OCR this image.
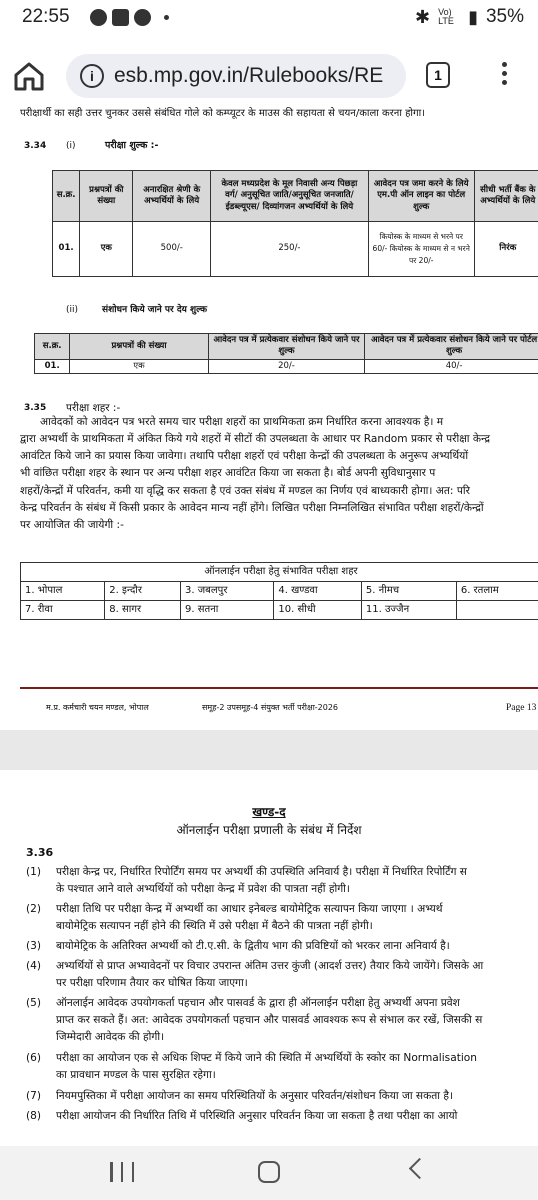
22:55	✱ Vo) LTE ▮ 35%
i esb.mp.gov.in/Rulebooks/RE	1
परीक्षार्थी का सही उत्तर चुनकर उससे संबंधित गोले को कम्प्यूटर के माउस की सहायता से चयन/काला करना होगा।
3.34 (i)	परीक्षा शुल्क :-
स.क्र.	प्रश्नपत्रों की संख्या	अनारक्षित श्रेणी के अभ्यर्थियों के लिये	केवल मध्यप्रदेश के मूल निवासी अन्य पिछड़ा वर्ग/ अनुसूचित जाति/अनुसूचित जनजाति/ईडब्ल्यूएस/ दिव्यांगजन अभ्यर्थियों के लिये	आवेदन पत्र जमा करने के लिये एम.पी ऑन लाइन का पोर्टल शुल्क	सीधी भर्ती बैंक के अभ्यर्थियों के लिये
01.	एक	500/-	250/-	कियोस्क के माध्यम से भरने पर 60/- कियोस्क के माध्यम से न भरने पर 20/-	निरंक
(ii)	संशोधन किये जाने पर देय शुल्क
स.क्र.	प्रश्नपत्रों की संख्या	आवेदन पत्र में प्रत्येकवार संशोधन किये जाने पर शुल्क	आवेदन पत्र में प्रत्येकवार संशोधन किये जाने पर पोर्टल शुल्क
01.	एक	20/-	40/-
3.35 परीक्षा शहर :-
आवेदकों को आवेदन पत्र भरते समय चार परीक्षा शहरों का प्राथमिकता क्रम निर्धारित करना आवश्यक है। म
द्वारा अभ्यर्थी के प्राथमिकता में अंकित किये गये शहरों में सीटों की उपलब्धता के आधार पर Random प्रकार से परीक्षा केन्द्र
आवंटित किये जाने का प्रयास किया जावेगा। तथापि परीक्षा शहरों एवं परीक्षा केन्द्रों की उपलब्धता के अनुरूप अभ्यर्थियों
भी वांछित परीक्षा शहर के स्थान पर अन्य परीक्षा शहर आवंटित किया जा सकता है। बोर्ड अपनी सुविधानुसार प
शहरों/केन्द्रों में परिवर्तन, कमी या वृद्धि कर सकता है एवं उक्त संबंध में मण्डल का निर्णय एवं बाध्यकारी होगा। अत: परि
केन्द्र परिवर्तन के संबंध में किसी प्रकार के आवेदन मान्य नहीं होंगे। लिखित परीक्षा निम्नलिखित संभावित परीक्षा शहरों/केन्द्रों
पर आयोजित की जायेगी :-
ऑनलाईन परीक्षा हेतु संभावित परीक्षा शहर					
1. भोपाल	2. इन्दौर	3. जबलपुर	4. खण्डवा	5. नीमच	6. रतलाम
7. रीवा	8. सागर	9. सतना	10. सीधी	11. उज्जैन	
म.प्र. कर्मचारी चयन मण्डल, भोपाल	समूह-2 उपसमूह-4 संयुक्त भर्ती परीक्षा-2026	Page 13
खण्ड-द
ऑनलाईन परीक्षा प्रणाली के संबंध में निर्देश
3.36
(1) परीक्षा केन्द्र पर, निर्धारित रिपोर्टिंग समय पर अभ्यर्थी की उपस्थिति अनिवार्य है। परीक्षा में निर्धारित रिपोर्टिंग स
के पश्चात आने वाले अभ्यर्थियों को परीक्षा केन्द्र में प्रवेश की पात्रता नहीं होगी।
(2) परीक्षा तिथि पर परीक्षा केन्द्र में अभ्यर्थी का आधार इनेबल्ड बायोमेट्रिक सत्यापन किया जाएगा । अभ्यर्थ
बायोमेट्रिक सत्यापन नहीं होने की स्थिति में उसे परीक्षा में बैठने की पात्रता नहीं होगी।
(3) बायोमेट्रिक के अतिरिक्त अभ्यर्थी को टी.ए.सी. के द्वितीय भाग की प्रविष्टियों को भरकर लाना अनिवार्य है।
(4) अभ्यर्थियों से प्राप्त अभ्यावेदनों पर विचार उपरान्त अंतिम उत्तर कुंजी (आदर्श उत्तर) तैयार किये जायेंगे। जिसके आ
पर परीक्षा परिणाम तैयार कर घोषित किया जाएगा।
(5) ऑनलाईन आवेदक उपयोगकर्ता पहचान और पासवर्ड के द्वारा ही ऑनलाईन परीक्षा हेतु अभ्यर्थी अपना प्रवेश
प्राप्त कर सकते हैं। अत: आवेदक उपयोगकर्ता पहचान और पासवर्ड आवश्यक रूप से संभाल कर रखें, जिसकी स
जिम्मेदारी आवेदक की होगी।
(6) परीक्षा का आयोजन एक से अधिक शिफ्ट में किये जाने की स्थिति में अभ्यर्थियों के स्कोर का Normalisation
का प्रावधान मण्डल के पास सुरक्षित रहेगा।
(7) नियमपुस्तिका में परीक्षा आयोजन का समय परिस्थितियों के अनुसार परिवर्तन/संशोधन किया जा सकता है।
(8) परीक्षा आयोजन की निर्धारित तिथि में परिस्थिति अनुसार परिवर्तन किया जा सकता है तथा परीक्षा का आयो
